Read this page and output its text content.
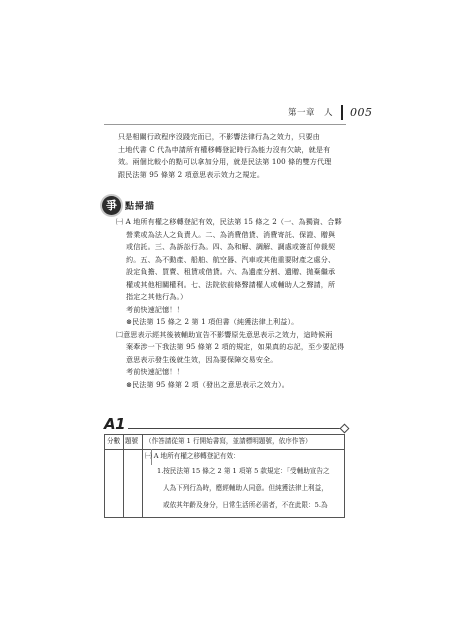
第一章　人 005
只是相關行政程序沒踐完而已，不影響法律行為之效力，只要由
土地代書 C 代為申請所有權移轉登記時行為能力沒有欠缺，就是有
效。兩個比較小的點可以拿加分用，就是民法第 100 條的雙方代理
跟民法第 95 條第 2 項意思表示效力之規定。
爭 點掃描
㈠ A 地所有權之移轉登記有效，民法第 15 條之 2（一、為獨資、合夥
營業或為法人之負責人。二、為消費借貸、消費寄託、保證、贈與
或信託。三、為訴訟行為。四、為和解、調解、調處或簽訂仲裁契
約。五、為不動產、船舶、航空器、汽車或其他重要財產之處分、
設定負擔、買賣、租賃或借貸。六、為遺產分割、遺贈、拋棄繼承
權或其他相關權利。七、法院依前條聲請權人或輔助人之聲請，所
指定之其他行為。）
考前快速記憶！！
⊗民法第 15 條之 2 第 1 項但書（純獲法律上利益）。
㈡意思表示經其後被輔助宣告不影響原先意思表示之效力，這時候兩
案牽涉一下我法第 95 條第 2 項的規定，如果真的忘記，至少要記得
意思表示發生後就生效，因為要保障交易安全。
考前快速記憶！！
⊗民法第 95 條第 2 項（發出之意思表示之效力）。
A1
分數 題號 （作答請從第 1 行開始書寫，並請標明題號，依序作答）
㈠ A 地所有權之移轉登記有效：
1.按民法第 15 條之 2 第 1 項第 5 款規定：「受輔助宣告之
人為下列行為時，應經輔助人同意。但純獲法律上利益，
或依其年齡及身分，日常生活所必需者，不在此限：5.為
